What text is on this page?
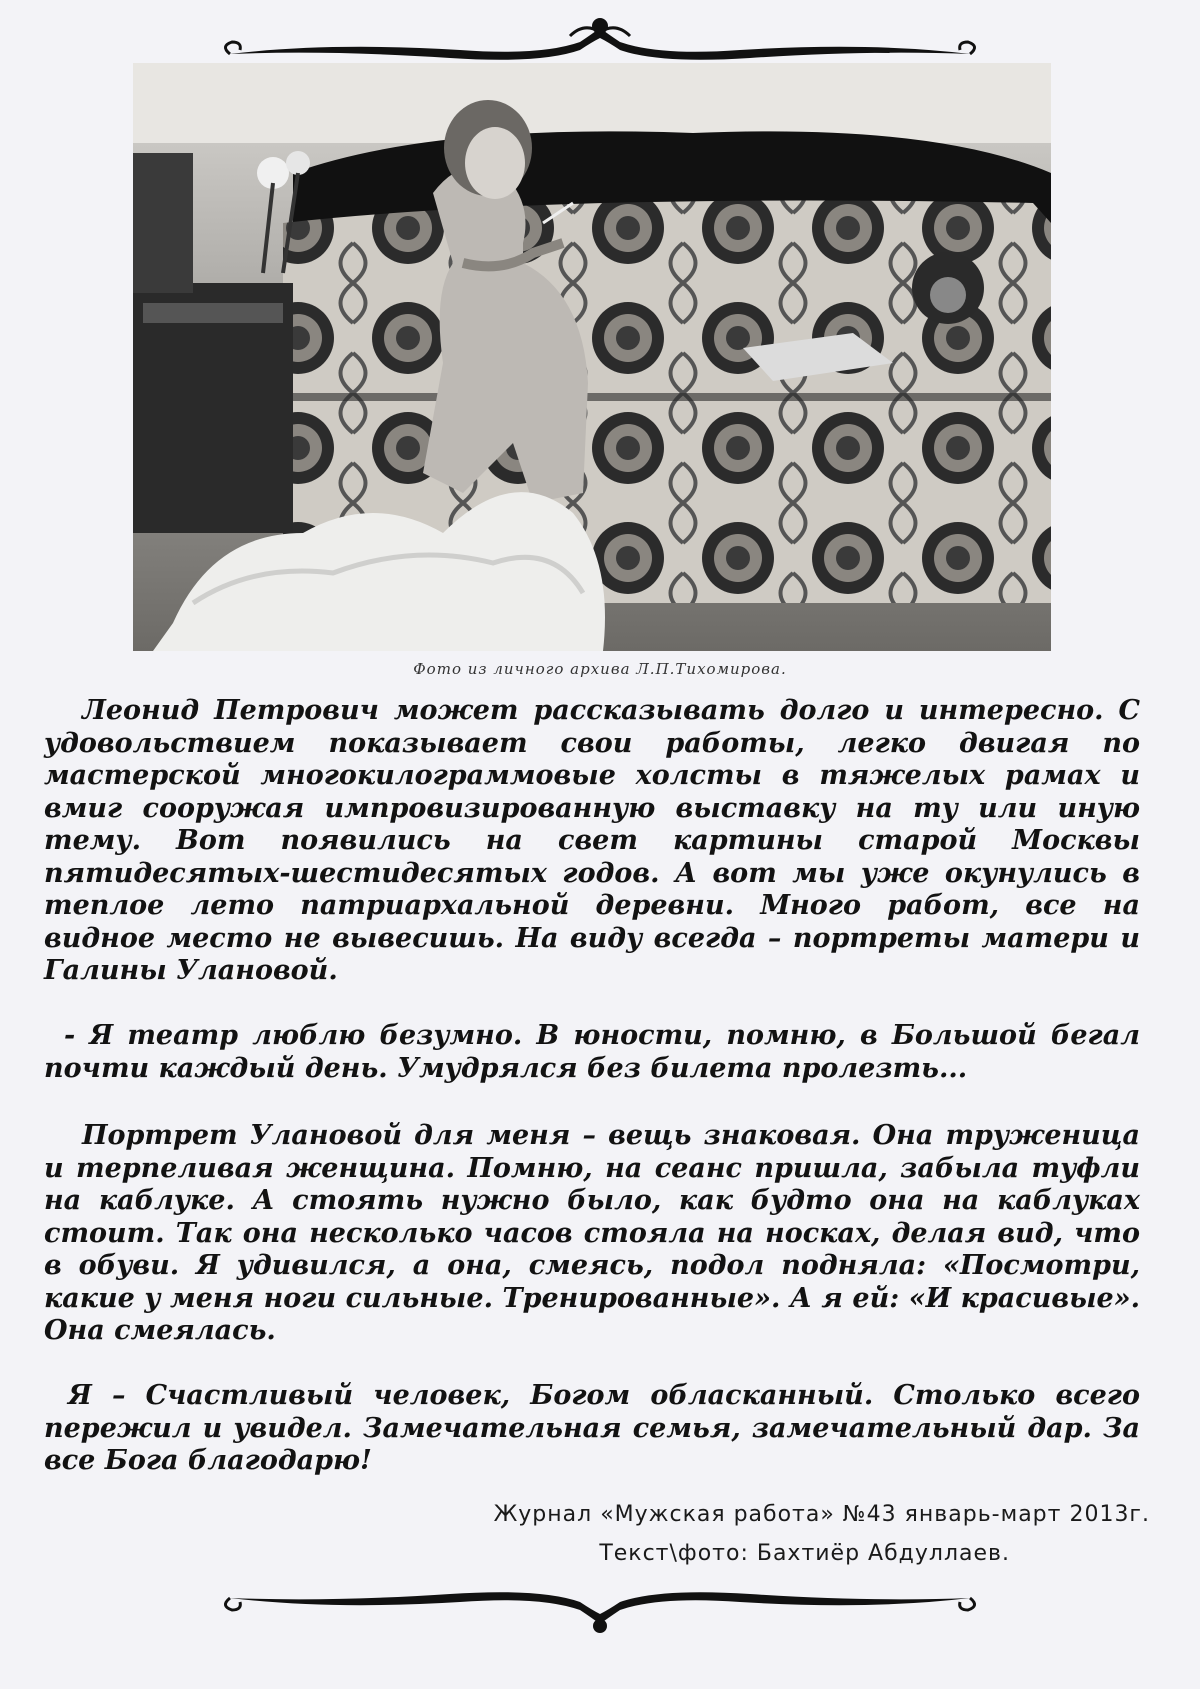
Фото из личного архива Л.П.Тихомирова.

Леонид Петрович может рассказывать долго и интересно. С удовольствием показывает свои работы, легко двигая по мастерской многокилограммовые холсты в тяжелых рамах и вмиг сооружая импровизированную выставку на ту или иную тему. Вот появились на свет картины старой Москвы пятидесятых-шестидесятых годов. А вот мы уже окунулись в теплое лето патриархальной деревни. Много работ, все на видное место не вывесишь. На виду всегда – портреты матери и Галины Улановой.

- Я театр люблю безумно. В юности, помню, в Большой бегал почти каждый день. Умудрялся без билета пролезть...

Портрет Улановой для меня – вещь знаковая. Она труженица и терпеливая женщина. Помню, на сеанс пришла, забыла туфли на каблуке. А стоять нужно было, как будто она на каблуках стоит. Так она несколько часов стояла на носках, делая вид, что в обуви. Я удивился, а она, смеясь, подол подняла: «Посмотри, какие у меня ноги сильные. Тренированные». А я ей: «И красивые». Она смеялась.

Я – Счастливый человек, Богом обласканный. Столько всего пережил и увидел. Замечательная семья, замечательный дар. За все Бога благодарю!

Журнал «Мужская работа» №43 январь-март 2013г.
Текст\фото: Бахтиёр Абдуллаев.
